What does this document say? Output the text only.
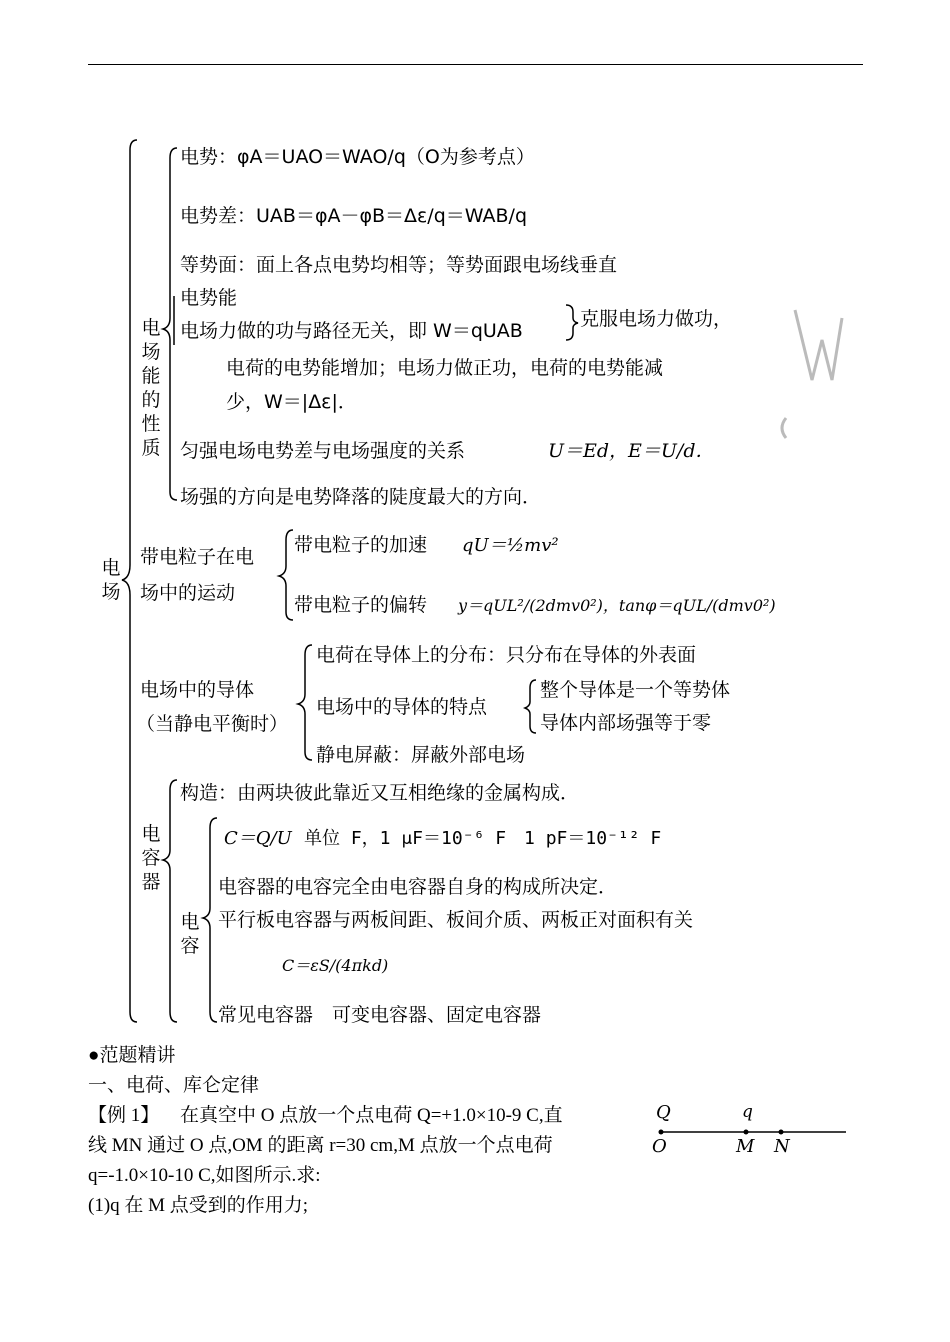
电场
电场能的性质
电势：φA＝UAO＝WAO/q（O为参考点）
电势差：UAB＝φA－φB＝Δε/q＝WAB/q
等势面：面上各点电势均相等；等势面跟电场线垂直
电势能
电场力做的功与路径无关，即 W＝qUAB
克服电场力做功，
电荷的电势能增加；电场力做正功，电荷的电势能减
少，W＝|Δε|．
匀强电场电势差与电场强度的关系	U＝Ed，E＝U/d．
场强的方向是电势降落的陡度最大的方向．
带电粒子在电
场中的运动
带电粒子的加速 qU＝½mv²
带电粒子的偏转 y＝qUL²/(2dmv0²)，tanφ＝qUL/(dmv0²)
电场中的导体
（当静电平衡时）
电荷在导体上的分布：只分布在导体的外表面
电场中的导体的特点
整个导体是一个等势体
导体内部场强等于零
静电屏蔽：屏蔽外部电场
电容器
构造：由两块彼此靠近又互相绝缘的金属构成．
电容
C＝Q/U 单位 F，1 μF＝10⁻⁶ F　1 pF＝10⁻¹² F
电容器的电容完全由电容器自身的构成所决定．
平行板电容器与两板间距、板间介质、两板正对面积有关
C＝εS/(4πkd)
常见电容器　可变电容器、固定电容器
●范题精讲
一、电荷、库仑定律
【例 1】 在真空中 O 点放一个点电荷 Q=+1.0×10-9 C,直
线 MN 通过 O 点,OM 的距离 r=30 cm,M 点放一个点电荷
q=-1.0×10-10 C,如图所示.求:
(1)q 在 M 点受到的作用力;
Q	q
O	M N
